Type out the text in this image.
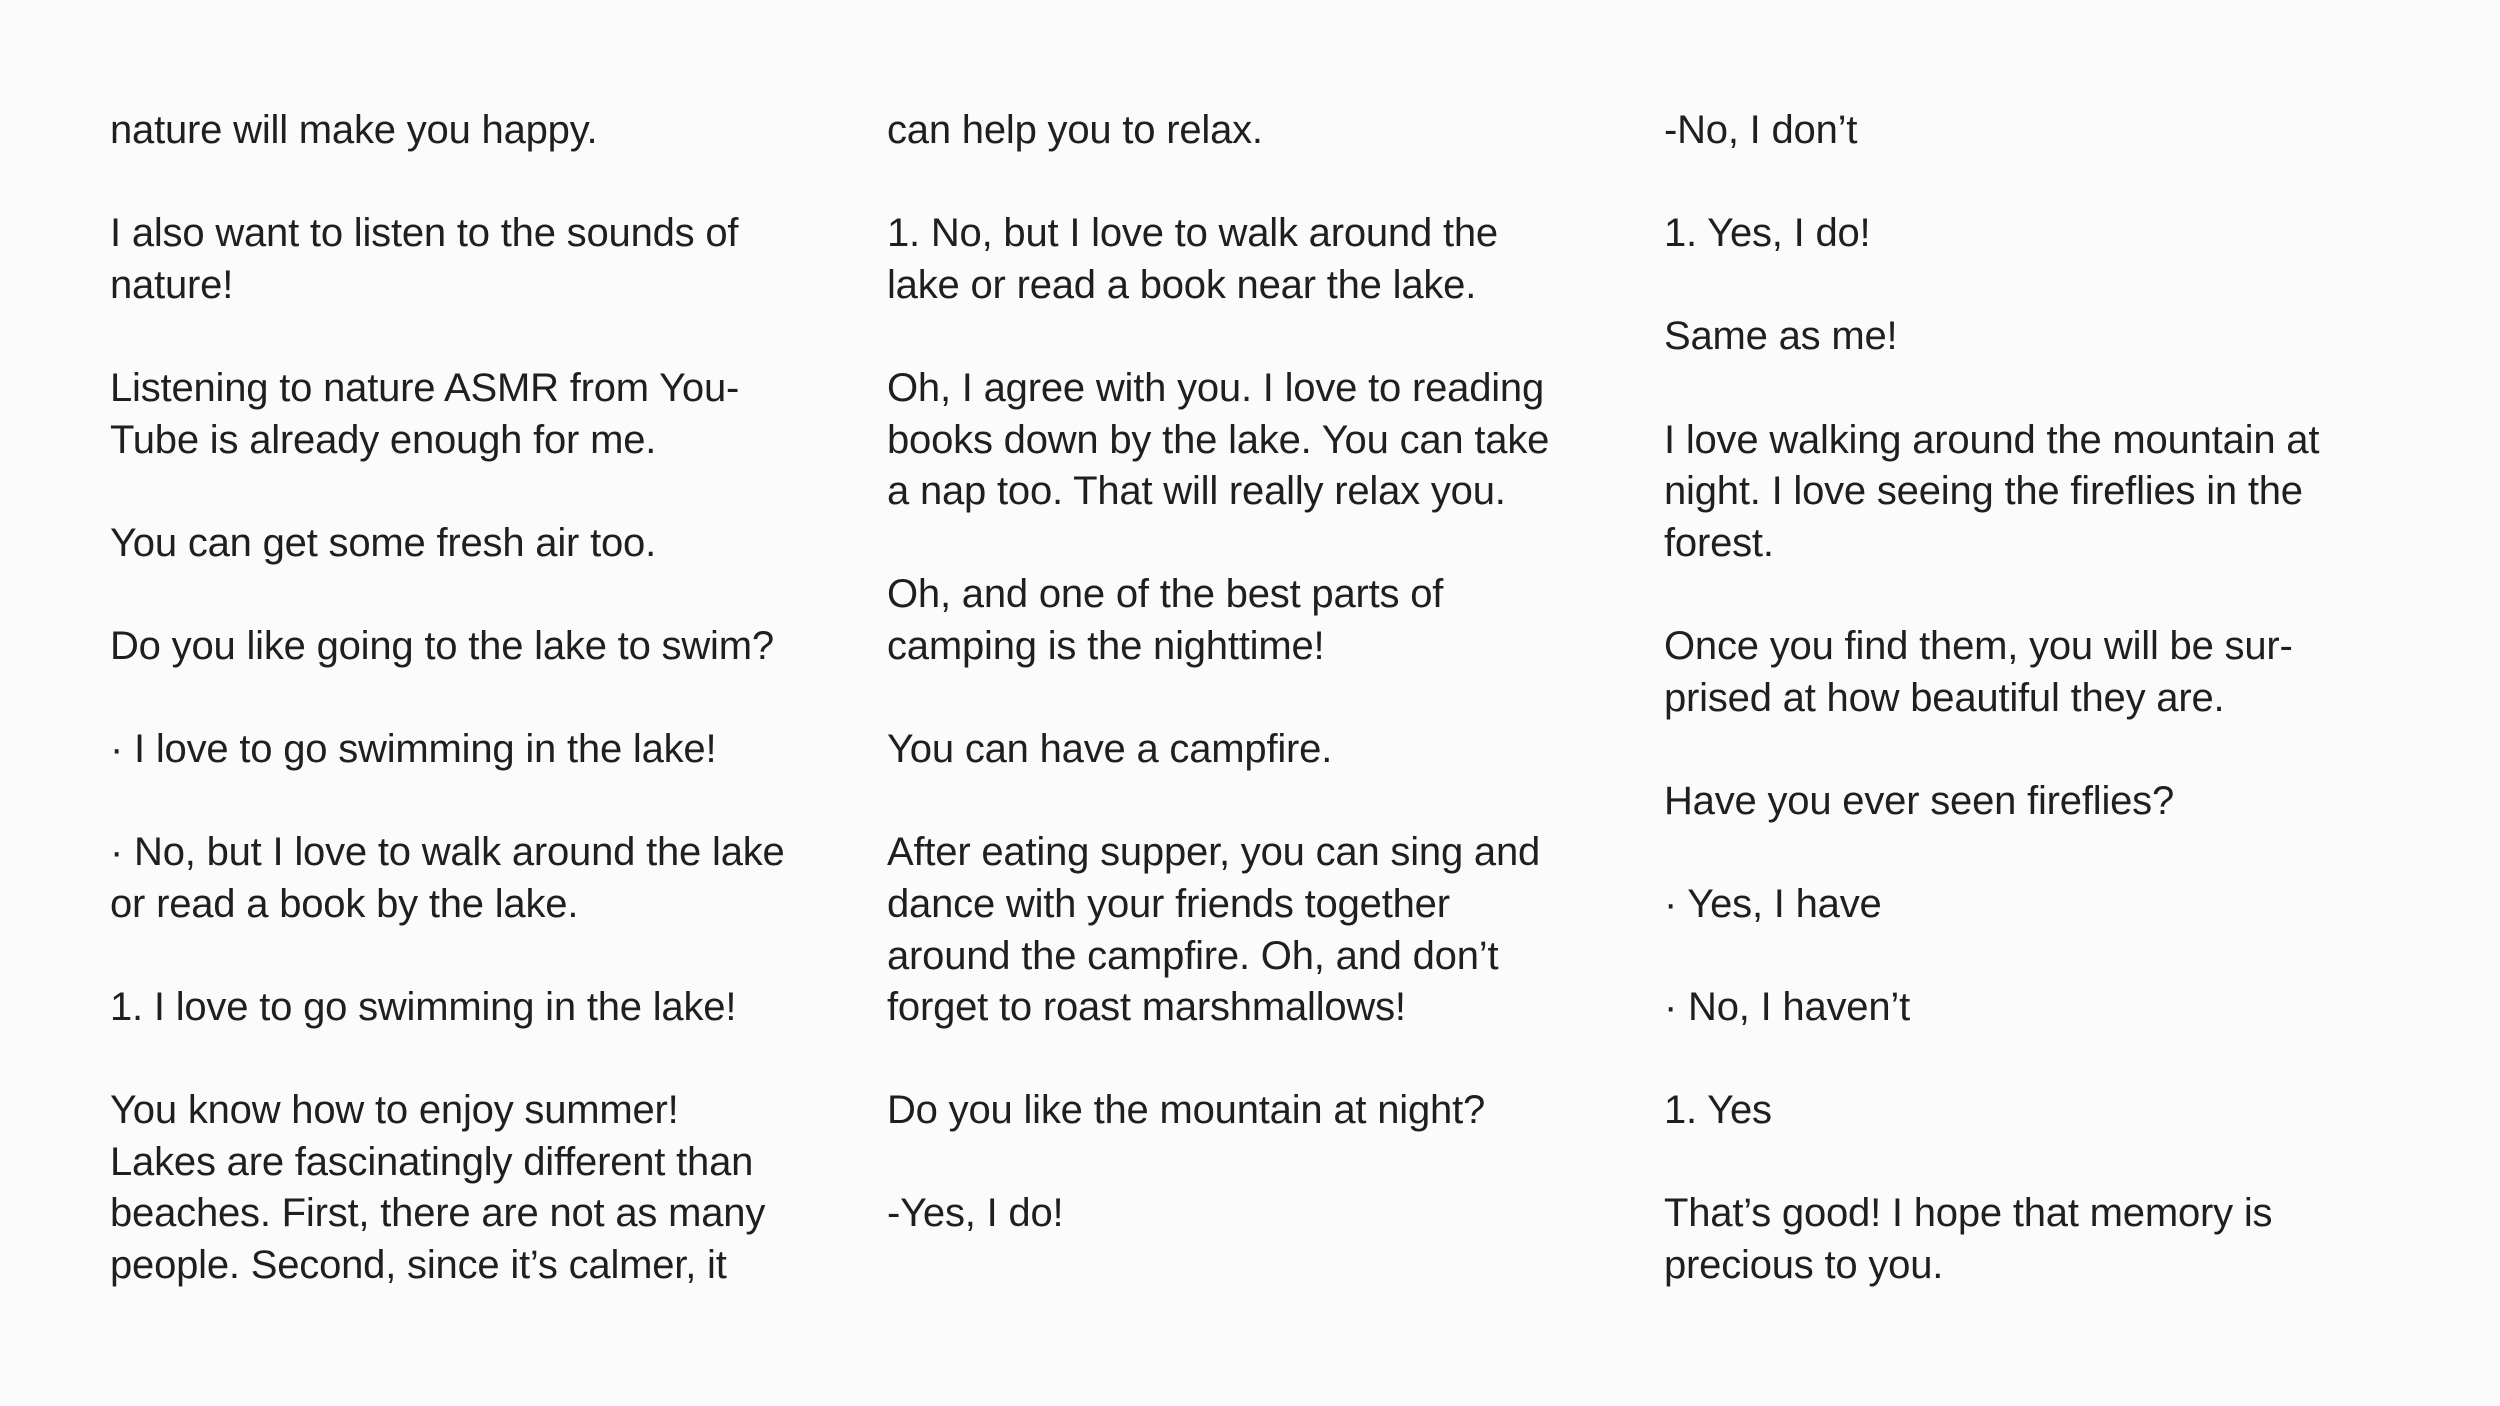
nature will make you happy.

I also want to listen to the sounds of
nature!

Listening to nature ASMR from You-
Tube is already enough for me.

You can get some fresh air too.

Do you like going to the lake to swim?

· I love to go swimming in the lake!

· No, but I love to walk around the lake
or read a book by the lake.

1. I love to go swimming in the lake!

You know how to enjoy summer!
Lakes are fascinatingly different than
beaches. First, there are not as many
people. Second, since it’s calmer, it

can help you to relax.

1. No, but I love to walk around the
lake or read a book near the lake.

Oh, I agree with you. I love to reading
books down by the lake. You can take
a nap too. That will really relax you.

Oh, and one of the best parts of
camping is the nighttime!

You can have a campfire.

After eating supper, you can sing and
dance with your friends together
around the campfire. Oh, and don’t
forget to roast marshmallows!

Do you like the mountain at night?

-Yes, I do!

-No, I don’t

1. Yes, I do!

Same as me!

I love walking around the mountain at
night. I love seeing the fireflies in the
forest.

Once you find them, you will be sur-
prised at how beautiful they are.

Have you ever seen fireflies?

· Yes, I have

· No, I haven’t

1. Yes

That’s good! I hope that memory is
precious to you.
